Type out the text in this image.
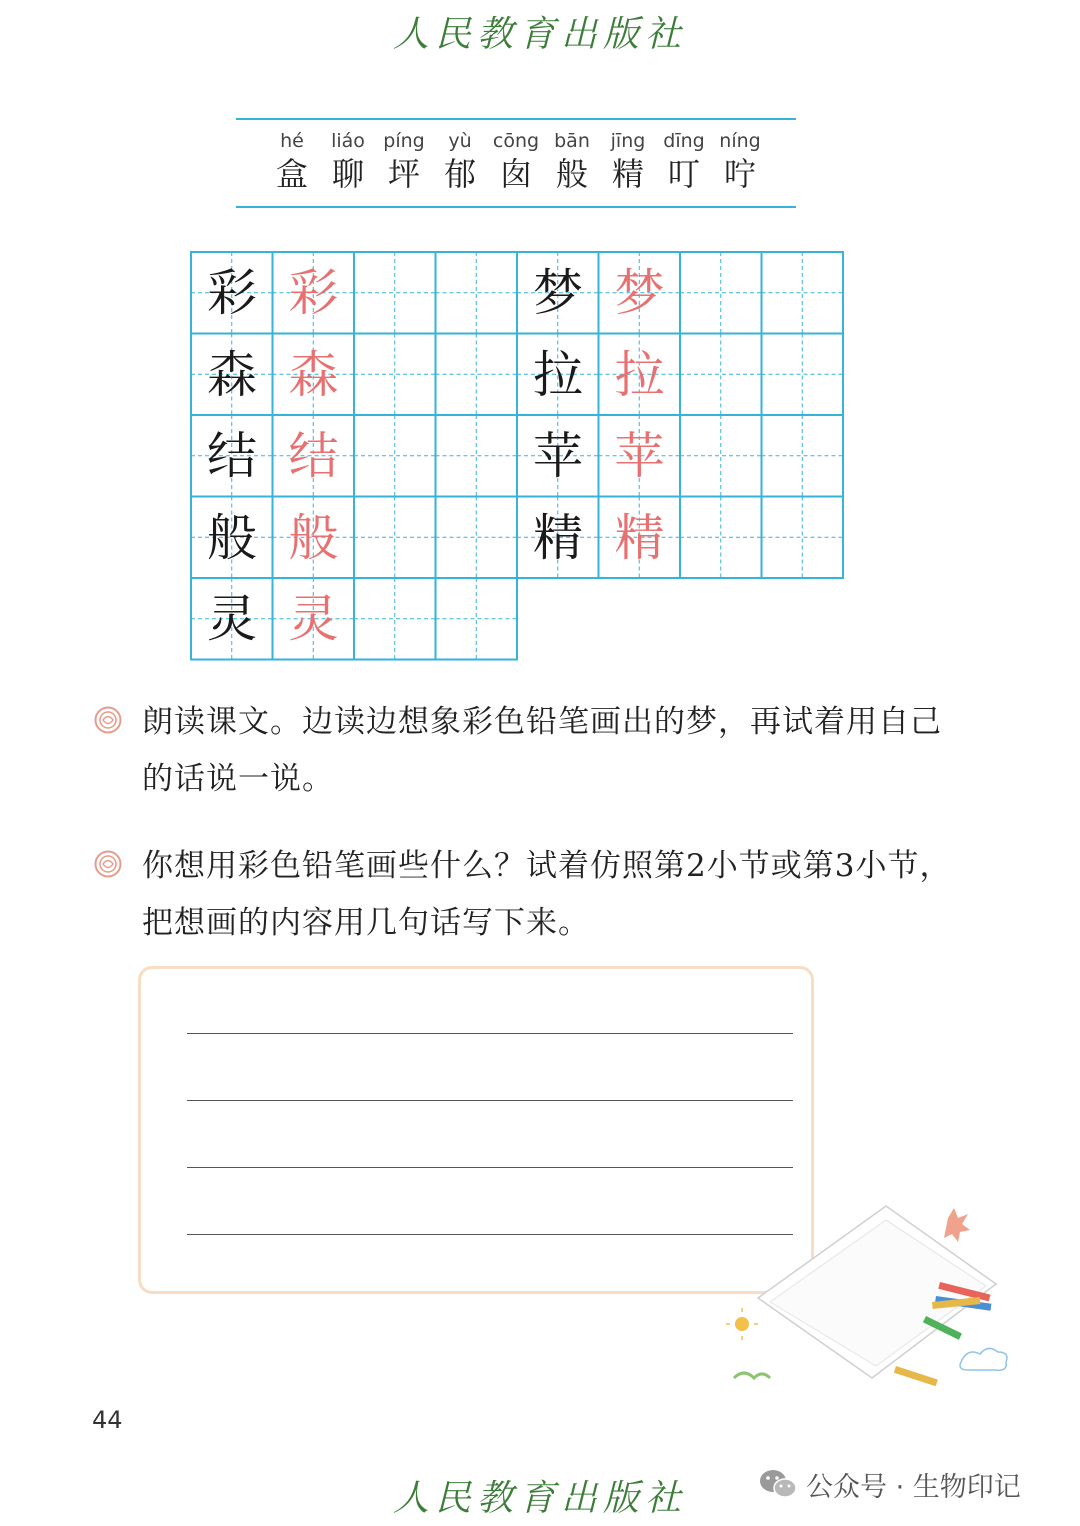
人民教育出版社
hé
盒
liáo
聊
píng
坪
yù
郁
cōng
囱
bān
般
jīng
精
dīng
叮
níng
咛
彩 彩
森 森
结 结
般 般
灵 灵
梦 梦
拉 拉
苹 苹
精 精
朗读课文。边读边想象彩色铅笔画出的梦，再试着用自己的话说一说。
你想用彩色铅笔画些什么？试着仿照第2小节或第3小节，把想画的内容用几句话写下来。
44
公众号 · 生物印记
人民教育出版社
